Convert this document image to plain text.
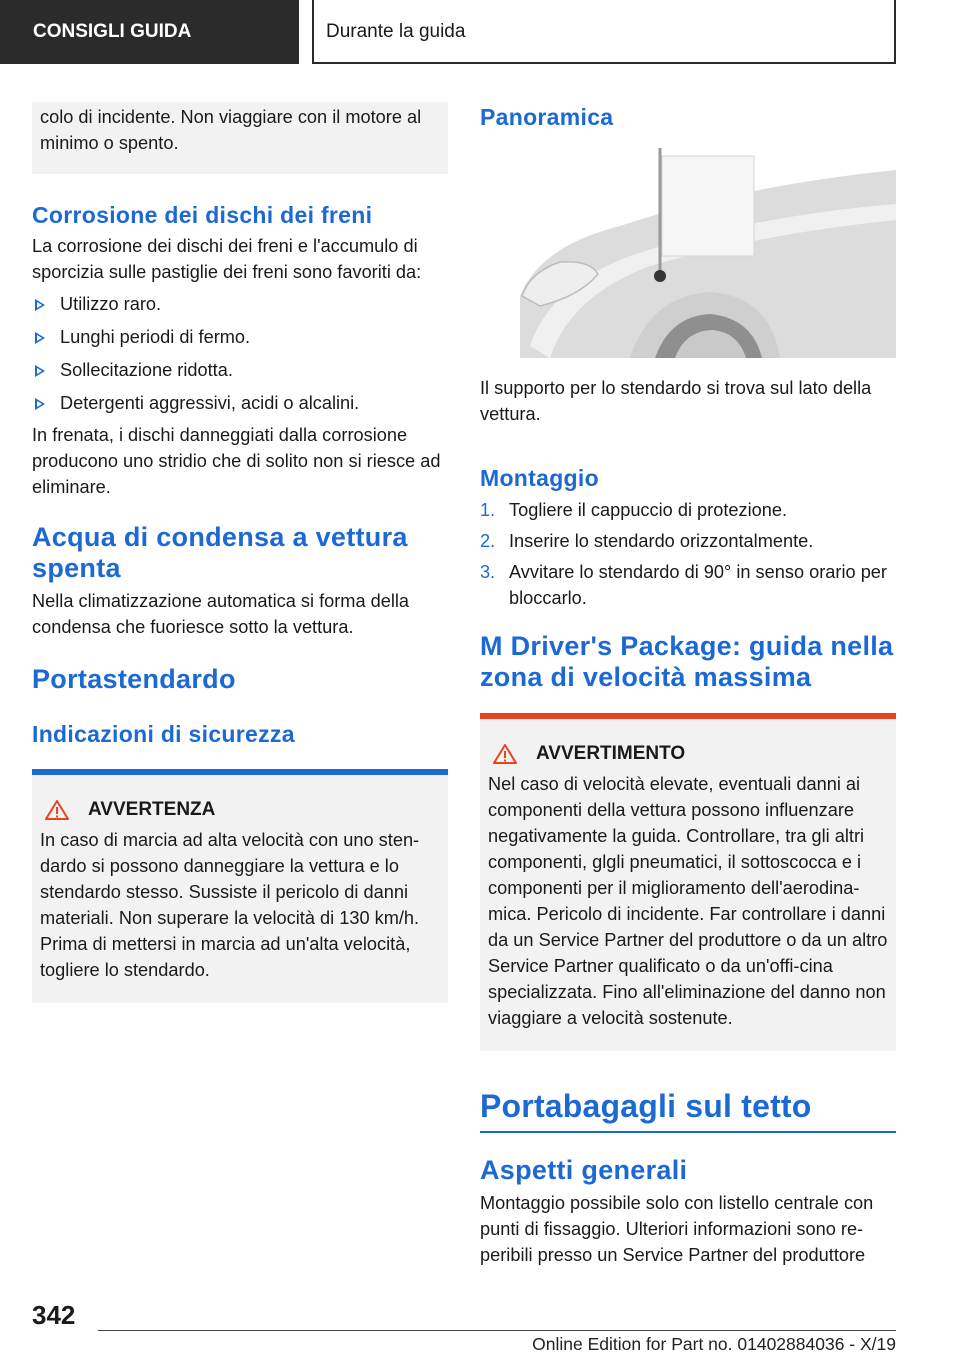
CONSIGLI GUIDA	Durante la guida
colo di incidente. Non viaggiare con il motore al minimo o spento.
Corrosione dei dischi dei freni

La corrosione dei dischi dei freni e l'accumulo di sporcizia sulle pastiglie dei freni sono favoriti da:

Utilizzo raro.
Lunghi periodi di fermo.
Sollecitazione ridotta.
Detergenti aggressivi, acidi o alcalini.

In frenata, i dischi danneggiati dalla corrosione producono uno stridio che di solito non si riesce ad eliminare.

Acqua di condensa a vettura spenta

Nella climatizzazione automatica si forma della condensa che fuoriesce sotto la vettura.

Portastendardo
Indicazioni di sicurezza
AVVERTENZA

In caso di marcia ad alta velocità con uno sten-dardo si possono danneggiare la vettura e lo stendardo stesso. Sussiste il pericolo di danni materiali. Non superare la velocità di 130 km/h. Prima di mettersi in marcia ad un'alta velocità, togliere lo stendardo.

Panoramica

Il supporto per lo stendardo si trova sul lato della vettura.

Montaggio
1. Togliere il cappuccio di protezione.
2. Inserire lo stendardo orizzontalmente.
3. Avvitare lo stendardo di 90° in senso orario per bloccarlo.
M Driver's Package: guida nella zona di velocità massima
AVVERTIMENTO

Nel caso di velocità elevate, eventuali danni ai componenti della vettura possono influenzare negativamente la guida. Controllare, tra gli altri componenti, glgli pneumatici, il sottoscocca e i componenti per il miglioramento dell'aerodina-mica. Pericolo di incidente. Far controllare i danni da un Service Partner del produttore o da un altro Service Partner qualificato o da un'offi-cina specializzata. Fino all'eliminazione del danno non viaggiare a velocità sostenute.

Portabagagli sul tetto
Aspetti generali

Montaggio possibile solo con listello centrale con punti di fissaggio. Ulteriori informazioni sono re-peribili presso un Service Partner del produttore

342
Online Edition for Part no. 01402884036 - X/19
